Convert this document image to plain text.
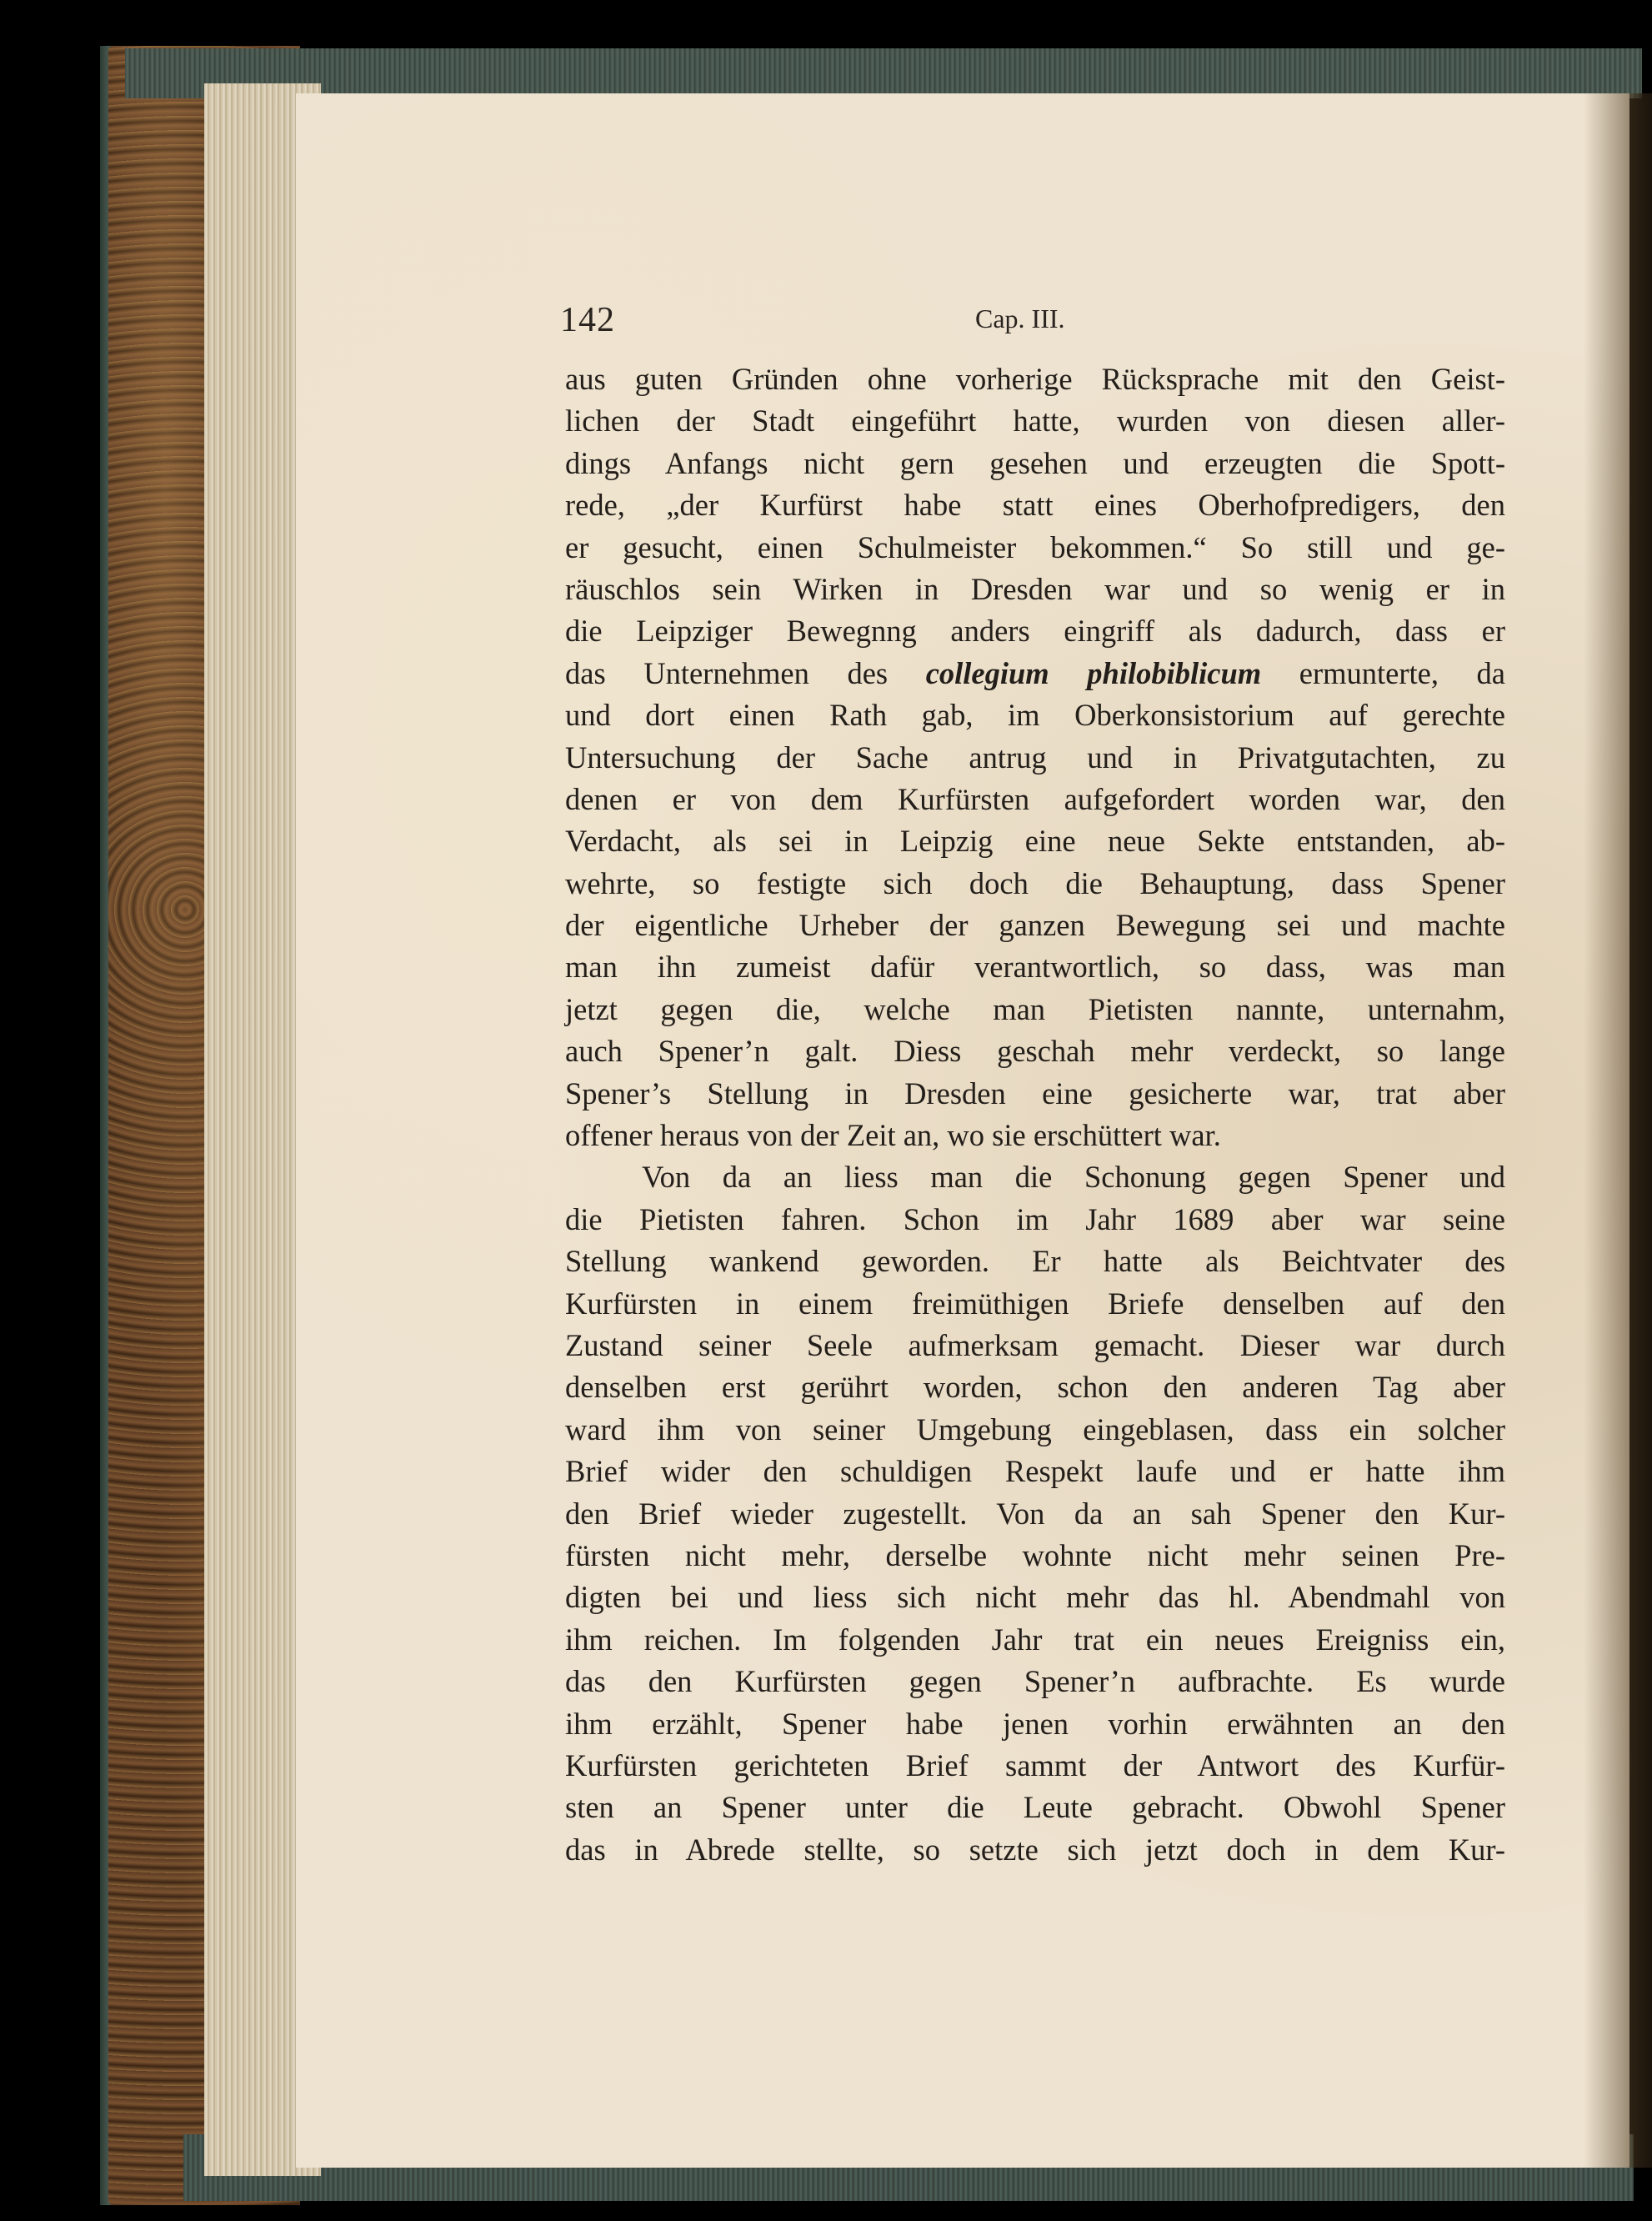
142	Cap. III.
aus guten Gründen ohne vorherige Rücksprache mit den Geist-
lichen der Stadt eingeführt hatte, wurden von diesen aller-
dings Anfangs nicht gern gesehen und erzeugten die Spott-
rede, „der Kurfürst habe statt eines Oberhofpredigers, den
er gesucht, einen Schulmeister bekommen.“ So still und ge-
räuschlos sein Wirken in Dresden war und so wenig er in
die Leipziger Bewegnng anders eingriff als dadurch, dass er
das Unternehmen des collegium philobiblicum ermunterte, da
und dort einen Rath gab, im Oberkonsistorium auf gerechte
Untersuchung der Sache antrug und in Privatgutachten, zu
denen er von dem Kurfürsten aufgefordert worden war, den
Verdacht, als sei in Leipzig eine neue Sekte entstanden, ab-
wehrte, so festigte sich doch die Behauptung, dass Spener
der eigentliche Urheber der ganzen Bewegung sei und machte
man ihn zumeist dafür verantwortlich, so dass, was man
jetzt gegen die, welche man Pietisten nannte, unternahm,
auch Spener’n galt. Diess geschah mehr verdeckt, so lange
Spener’s Stellung in Dresden eine gesicherte war, trat aber
offener heraus von der Zeit an, wo sie erschüttert war.
Von da an liess man die Schonung gegen Spener und
die Pietisten fahren. Schon im Jahr 1689 aber war seine
Stellung wankend geworden. Er hatte als Beichtvater des
Kurfürsten in einem freimüthigen Briefe denselben auf den
Zustand seiner Seele aufmerksam gemacht. Dieser war durch
denselben erst gerührt worden, schon den anderen Tag aber
ward ihm von seiner Umgebung eingeblasen, dass ein solcher
Brief wider den schuldigen Respekt laufe und er hatte ihm
den Brief wieder zugestellt. Von da an sah Spener den Kur-
fürsten nicht mehr, derselbe wohnte nicht mehr seinen Pre-
digten bei und liess sich nicht mehr das hl. Abendmahl von
ihm reichen. Im folgenden Jahr trat ein neues Ereigniss ein,
das den Kurfürsten gegen Spener’n aufbrachte. Es wurde
ihm erzählt, Spener habe jenen vorhin erwähnten an den
Kurfürsten gerichteten Brief sammt der Antwort des Kurfür-
sten an Spener unter die Leute gebracht. Obwohl Spener
das in Abrede stellte, so setzte sich jetzt doch in dem Kur-
